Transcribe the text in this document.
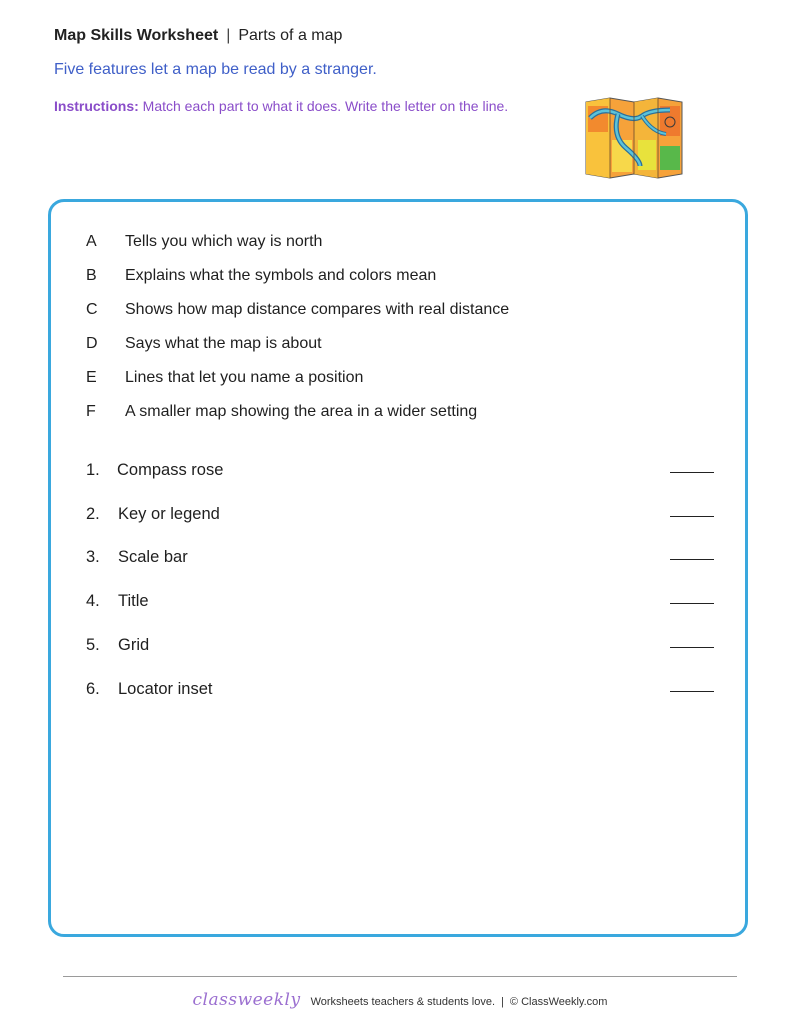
Map Skills Worksheet | Parts of a map
Five features let a map be read by a stranger.
Instructions: Match each part to what it does. Write the letter on the line.
A	Tells you which way is north
B	Explains what the symbols and colors mean
C	Shows how map distance compares with real distance
D	Says what the map is about
E	Lines that let you name a position
F	A smaller map showing the area in a wider setting
1. Compass rose
2. Key or legend
3. Scale bar
4. Title
5. Grid
6. Locator inset
classweekly Worksheets teachers & students love. | © ClassWeekly.com
